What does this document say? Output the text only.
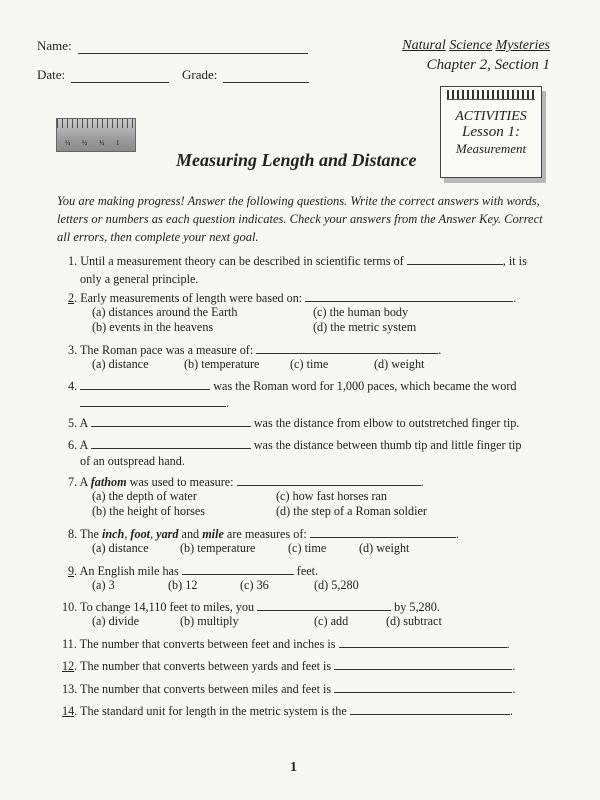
Name:
Date:	Grade:
Natural Science Mysteries
Chapter 2, Section 1
ACTIVITIES
Lesson 1:
Measurement
¼ ½ ¾ 1
Measuring Length and Distance
You are making progress! Answer the following questions. Write the correct answers with words, letters or numbers as each question indicates. Check your answers from the Answer Key. Correct all errors, then complete your next goal.
1. Until a measurement theory can be described in scientific terms of	, it is
only a general principle.
2. Early measurements of length were based on:	.
(a) distances around the Earth	(c) the human body
(b) events in the heavens	(d) the metric system
3. The Roman pace was a measure of:	.
(a) distance	(b) temperature	(c) time	(d) weight
4.	was the Roman word for 1,000 paces, which became the word
.
5. A	was the distance from elbow to outstretched finger tip.
6. A	was the distance between thumb tip and little finger tip
of an outspread hand.
7. A fathom was used to measure:	.
(a) the depth of water	(c) how fast horses ran
(b) the height of horses	(d) the step of a Roman soldier
8. The inch, foot, yard and mile are measures of:	.
(a) distance	(b) temperature	(c) time	(d) weight
9. An English mile has	feet.
(a) 3	(b) 12	(c) 36	(d) 5,280
10. To change 14,110 feet to miles, you	by 5,280.
(a) divide	(b) multiply	(c) add	(d) subtract
11. The number that converts between feet and inches is	.
12. The number that converts between yards and feet is	.
13. The number that converts between miles and feet is	.
14. The standard unit for length in the metric system is the	.
1
